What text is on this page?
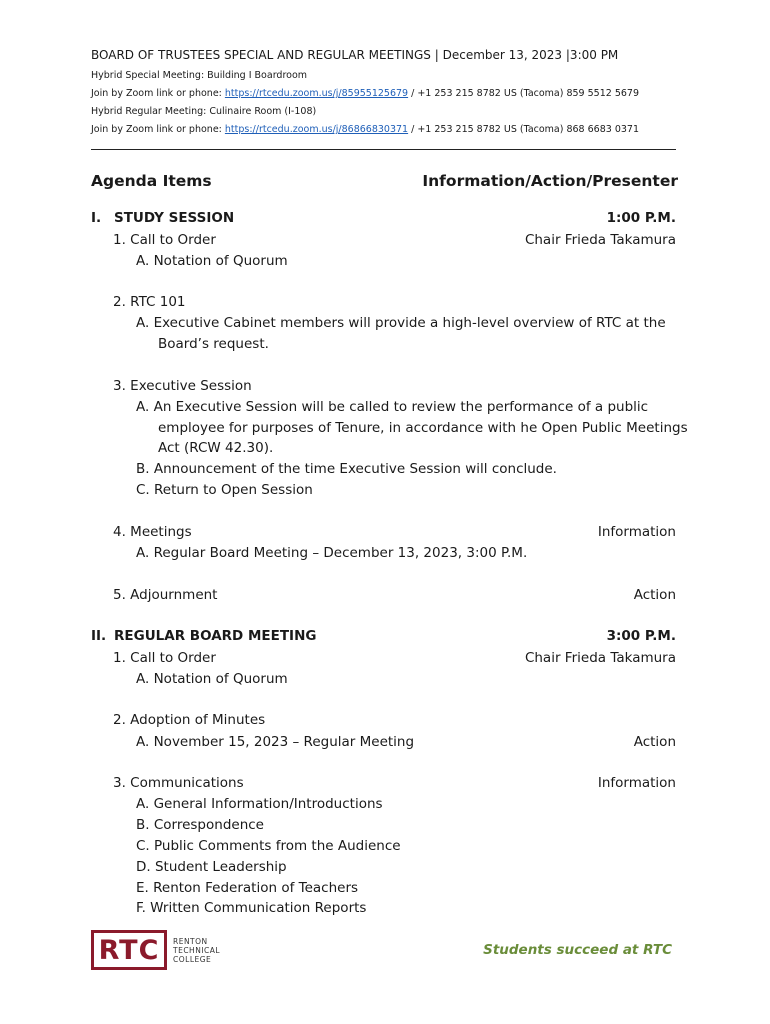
BOARD OF TRUSTEES SPECIAL AND REGULAR MEETINGS | December 13, 2023 |3:00 PM
Hybrid Special Meeting: Building I Boardroom
Join by Zoom link or phone: https://rtcedu.zoom.us/j/85955125679 / +1 253 215 8782 US (Tacoma) 859 5512 5679
Hybrid Regular Meeting: Culinaire Room (I-108)
Join by Zoom link or phone: https://rtcedu.zoom.us/j/86866830371 / +1 253 215 8782 US (Tacoma) 868 6683 0371
Agenda Items	Information/Action/Presenter
I. STUDY SESSION	1:00 P.M.
1. Call to Order	Chair Frieda Takamura
A. Notation of Quorum
2. RTC 101
A. Executive Cabinet members will provide a high-level overview of RTC at the
Board’s request.
3. Executive Session
A. An Executive Session will be called to review the performance of a public
employee for purposes of Tenure, in accordance with he Open Public Meetings
Act (RCW 42.30).
B. Announcement of the time Executive Session will conclude.
C. Return to Open Session
4. Meetings	Information
A. Regular Board Meeting – December 13, 2023, 3:00 P.M.
5. Adjournment	Action
II. REGULAR BOARD MEETING	3:00 P.M.
1. Call to Order	Chair Frieda Takamura
A. Notation of Quorum
2. Adoption of Minutes
A. November 15, 2023 – Regular Meeting	Action
3. Communications	Information
A. General Information/Introductions
B. Correspondence
C. Public Comments from the Audience
D. Student Leadership
E. Renton Federation of Teachers
F. Written Communication Reports
RTC	RENTON
TECHNICAL
COLLEGE
Students succeed at RTC
